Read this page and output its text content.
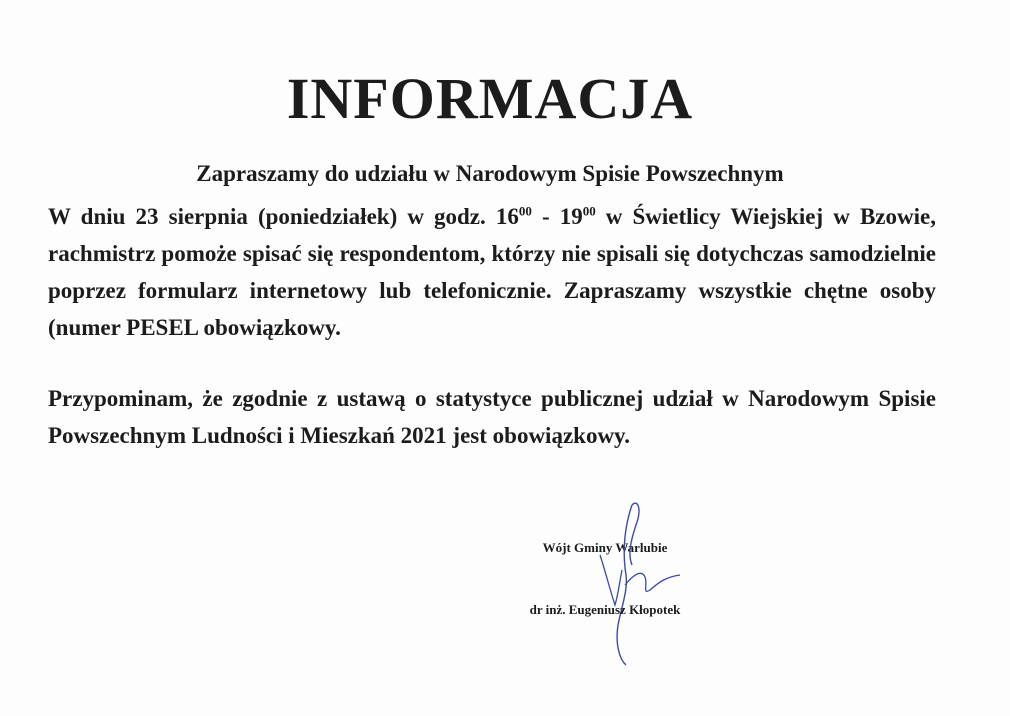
INFORMACJA

Zapraszamy do udziału w Narodowym Spisie Powszechnym

W dniu 23 sierpnia (poniedziałek) w godz. $16^{00} - 19^{00}$ w Świetlicy Wiejskiej w Bzowie, rachmistrz pomoże spisać się respondentom, którzy nie spisali się dotychczas samodzielnie poprzez formularz internetowy lub telefonicznie. Zapraszamy wszystkie chętne osoby (numer PESEL obowiązkowy.

Przypominam, że zgodnie z ustawą o statystyce publicznej udział w Narodowym Spisie Powszechnym Ludności i Mieszkań 2021 jest obowiązkowy.

Wójt Gminy Warlubie

dr inż. Eugeniusz Kłopotek
